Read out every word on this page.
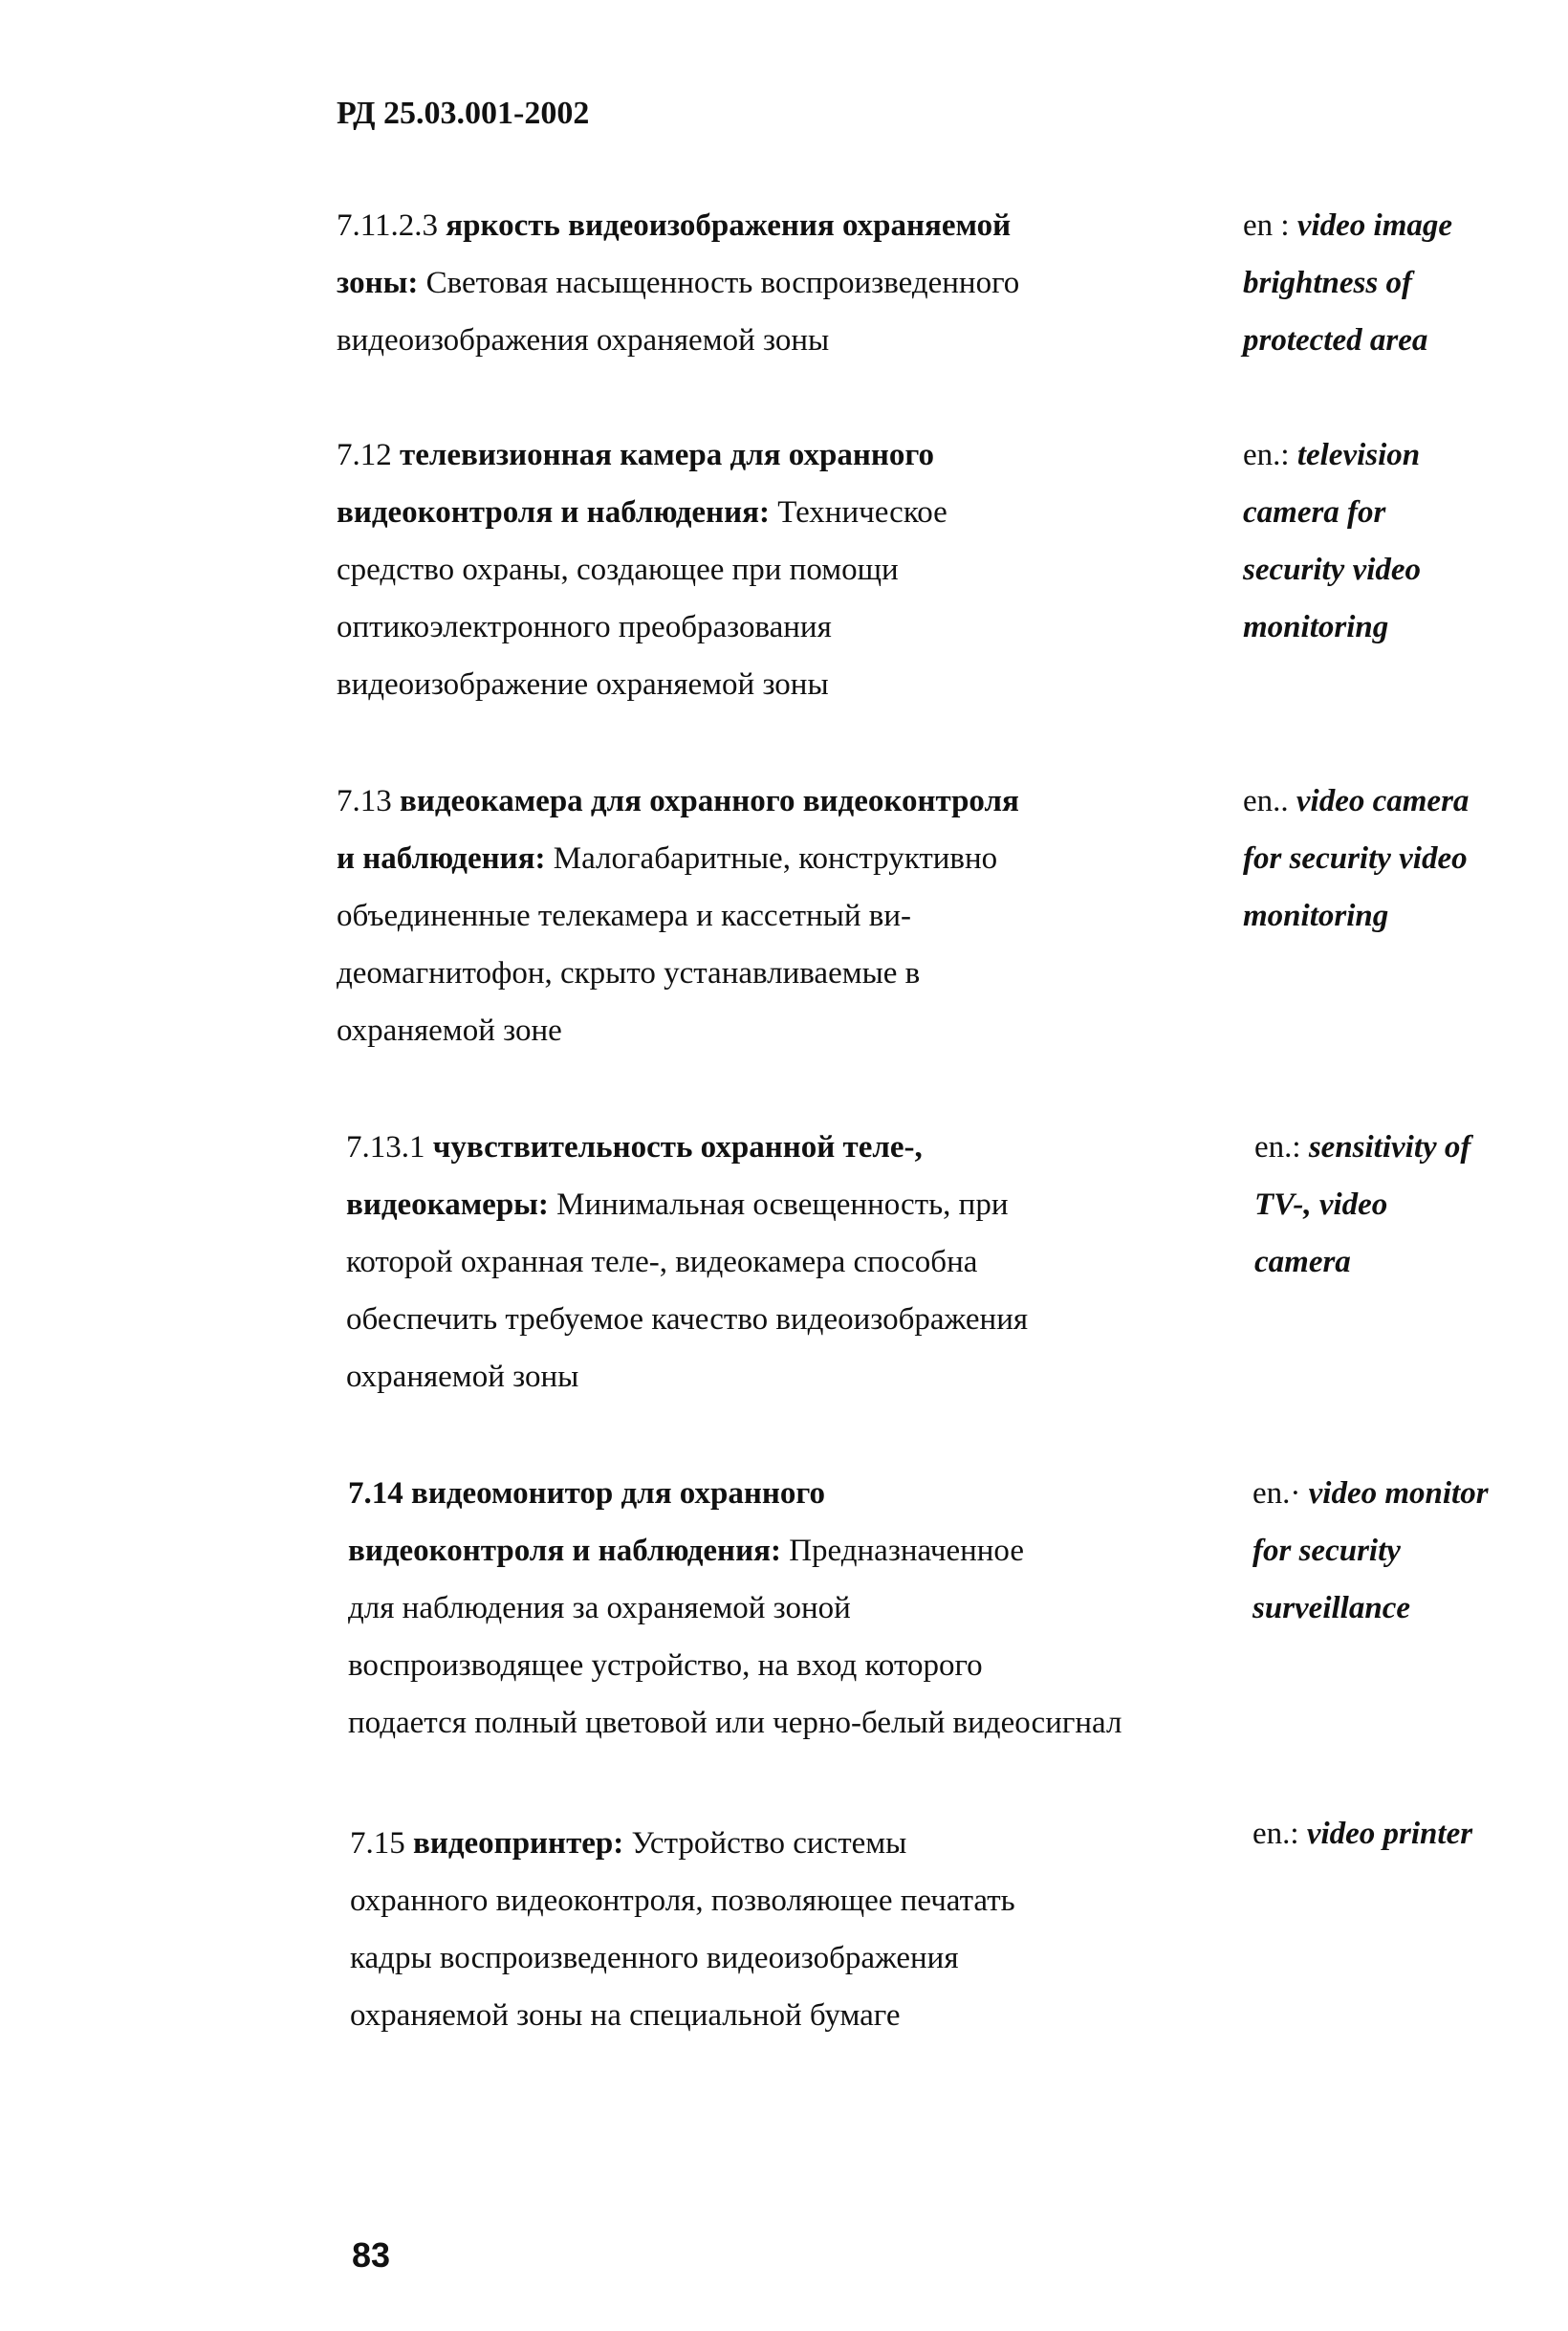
РД 25.03.001-2002
7.11.2.3 яркость видеоизображения охраняемой
зоны: Световая насыщенность воспроизведенного
видеоизображения охраняемой зоны
en : video image
brightness of
protected area
7.12 телевизионная камера для охранного
видеоконтроля и наблюдения: Техническое
средство охраны, создающее при помощи
оптикоэлектронного преобразования
видеоизображение охраняемой зоны
en.: television
camera for
security video
monitoring
7.13 видеокамера для охранного видеоконтроля
и наблюдения: Малогабаритные, конструктивно
объединенные телекамера и кассетный ви-
деомагнитофон, скрыто устанавливаемые в
охраняемой зоне
en.. video camera
for security video
monitoring
7.13.1 чувствительность охранной теле-,
видеокамеры: Минимальная освещенность, при
которой охранная теле-, видеокамера способна
обеспечить требуемое качество видеоизображения
охраняемой зоны
en.: sensitivity of
TV-, video
camera
7.14 видеомонитор для охранного
видеоконтроля и наблюдения: Предназначенное
для наблюдения за охраняемой зоной
воспроизводящее устройство, на вход которого
подается полный цветовой или черно-белый видеосигнал
en.· video monitor
for security
surveillance
7.15 видеопринтер: Устройство системы
охранного видеоконтроля, позволяющее печатать
кадры воспроизведенного видеоизображения
охраняемой зоны на специальной бумаге
en.: video printer
83
